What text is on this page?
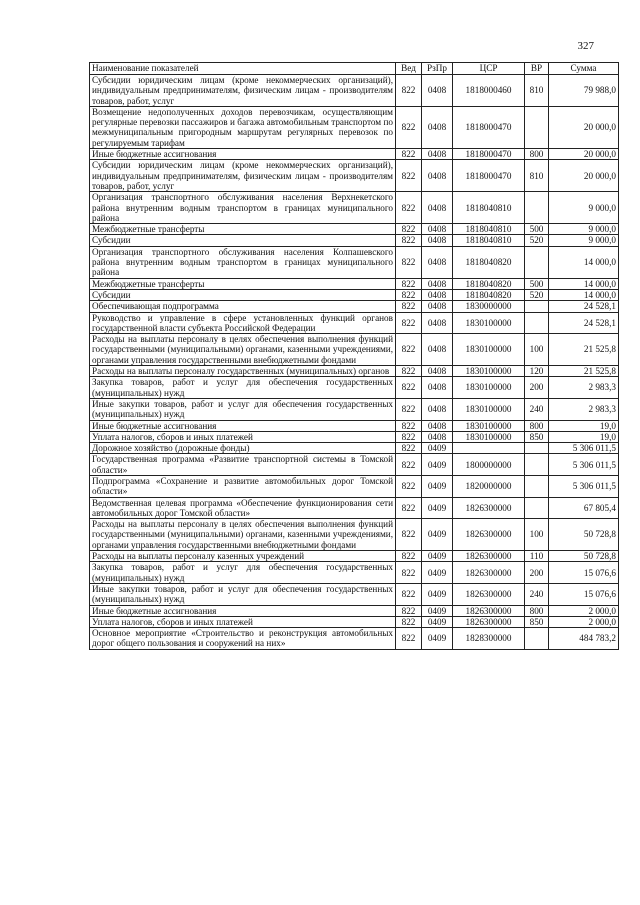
327
Наименование показателей	Вед	РзПр	ЦСР	ВР	Сумма
Субсидии юридическим лицам (кроме некоммерческих организаций), индивидуальным предпринимателям, физическим лицам - производителям товаров, работ, услуг	822	0408	1818000460	810	79 988,0
Возмещение недополученных доходов перевозчикам, осуществляющим регулярные перевозки пассажиров и багажа автомобильным транспортом по межмуниципальным пригородным маршрутам регулярных перевозок по регулируемым тарифам	822	0408	1818000470		20 000,0
Иные бюджетные ассигнования	822	0408	1818000470	800	20 000,0
Субсидии юридическим лицам (кроме некоммерческих организаций), индивидуальным предпринимателям, физическим лицам - производителям товаров, работ, услуг	822	0408	1818000470	810	20 000,0
Организация транспортного обслуживания населения Верхнекетского района внутренним водным транспортом в границах муниципального района	822	0408	1818040810		9 000,0
Межбюджетные трансферты	822	0408	1818040810	500	9 000,0
Субсидии	822	0408	1818040810	520	9 000,0
Организация транспортного обслуживания населения Колпашевского района внутренним водным транспортом в границах муниципального района	822	0408	1818040820		14 000,0
Межбюджетные трансферты	822	0408	1818040820	500	14 000,0
Субсидии	822	0408	1818040820	520	14 000,0
Обеспечивающая подпрограмма	822	0408	1830000000		24 528,1
Руководство и управление в сфере установленных функций органов государственной власти субъекта Российской Федерации	822	0408	1830100000		24 528,1
Расходы на выплаты персоналу в целях обеспечения выполнения функций государственными (муниципальными) органами, казенными учреждениями, органами управления государственными внебюджетными фондами	822	0408	1830100000	100	21 525,8
Расходы на выплаты персоналу государственных (муниципальных) органов	822	0408	1830100000	120	21 525,8
Закупка товаров, работ и услуг для обеспечения государственных (муниципальных) нужд	822	0408	1830100000	200	2 983,3
Иные закупки товаров, работ и услуг для обеспечения государственных (муниципальных) нужд	822	0408	1830100000	240	2 983,3
Иные бюджетные ассигнования	822	0408	1830100000	800	19,0
Уплата налогов, сборов и иных платежей	822	0408	1830100000	850	19,0
Дорожное хозяйство (дорожные фонды)	822	0409			5 306 011,5
Государственная программа «Развитие транспортной системы в Томской области»	822	0409	1800000000		5 306 011,5
Подпрограмма «Сохранение и развитие автомобильных дорог Томской области»	822	0409	1820000000		5 306 011,5
Ведомственная целевая программа «Обеспечение функционирования сети автомобильных дорог Томской области»	822	0409	1826300000		67 805,4
Расходы на выплаты персоналу в целях обеспечения выполнения функций государственными (муниципальными) органами, казенными учреждениями, органами управления государственными внебюджетными фондами	822	0409	1826300000	100	50 728,8
Расходы на выплаты персоналу казенных учреждений	822	0409	1826300000	110	50 728,8
Закупка товаров, работ и услуг для обеспечения государственных (муниципальных) нужд	822	0409	1826300000	200	15 076,6
Иные закупки товаров, работ и услуг для обеспечения государственных (муниципальных) нужд	822	0409	1826300000	240	15 076,6
Иные бюджетные ассигнования	822	0409	1826300000	800	2 000,0
Уплата налогов, сборов и иных платежей	822	0409	1826300000	850	2 000,0
Основное мероприятие «Строительство и реконструкция автомобильных дорог общего пользования и сооружений на них»	822	0409	1828300000		484 783,2
